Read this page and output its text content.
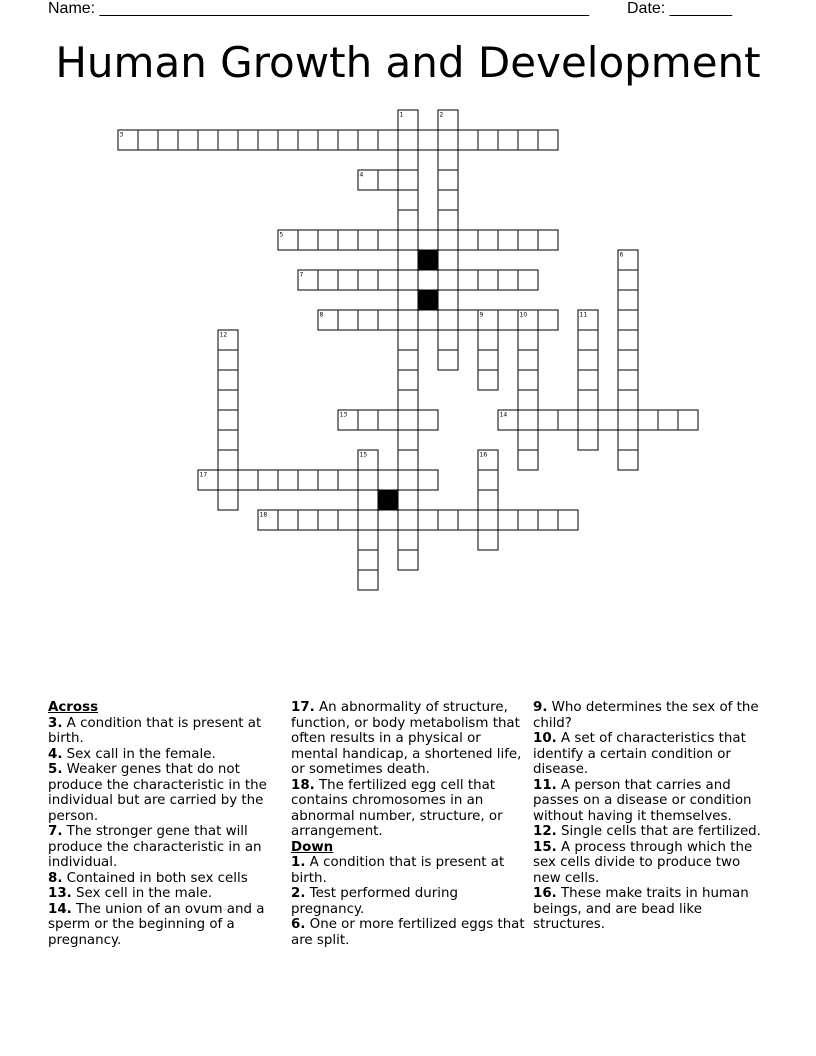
Name: _______________________________________________________ Date: _______
Human Growth and Development
1
3
4
5
6
7
8	9	10	11
12
13	14
15	16
17
18
2
Across
3. A condition that is present at birth.
4. Sex call in the female.
5. Weaker genes that do not produce the characteristic in the individual but are carried by the person.
7. The stronger gene that will produce the characteristic in an individual.
8. Contained in both sex cells
13. Sex cell in the male.
14. The union of an ovum and a sperm or the beginning of a pregnancy.
17. An abnormality of structure, function, or body metabolism that often results in a physical or mental handicap, a shortened life, or sometimes death.
18. The fertilized egg cell that contains chromosomes in an abnormal number, structure, or arrangement.
Down
1. A condition that is present at birth.
2. Test performed during pregnancy.
6. One or more fertilized eggs that are split.
9. Who determines the sex of the child?
10. A set of characteristics that identify a certain condition or disease.
11. A person that carries and passes on a disease or condition without having it themselves.
12. Single cells that are fertilized.
15. A process through which the sex cells divide to produce two new cells.
16. These make traits in human beings, and are bead like structures.
